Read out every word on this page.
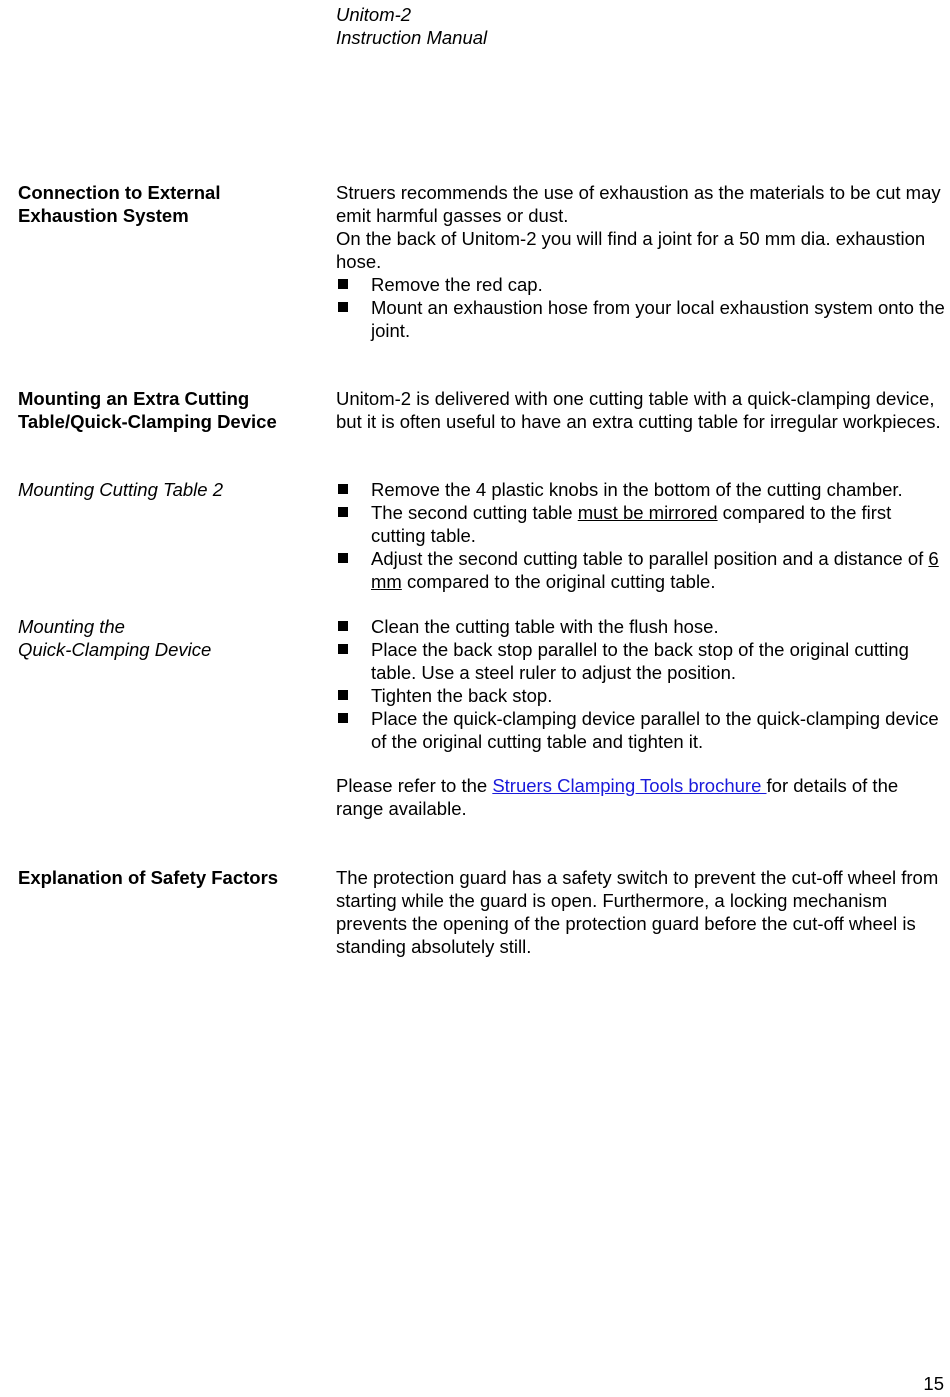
Unitom-2
Instruction Manual
Connection to External
Exhaustion System

Struers recommends the use of exhaustion as the materials to be cut may emit harmful gasses or dust.

On the back of Unitom-2 you will find a joint for a 50 mm dia. exhaustion hose.

Remove the red cap.
Mount an exhaustion hose from your local exhaustion system onto the joint.
Mounting an Extra Cutting
Table/Quick-Clamping Device

Unitom-2 is delivered with one cutting table with a quick-clamping device, but it is often useful to have an extra cutting table for irregular workpieces.

Mounting Cutting Table 2	Remove the 4 plastic knobs in the bottom of the cutting chamber.
The second cutting table must be mirrored compared to the first cutting table.
Adjust the second cutting table to parallel position and a distance of 6 mm compared to the original cutting table.
Mounting the
Quick-Clamping Device
Clean the cutting table with the flush hose.
Place the back stop parallel to the back stop of the original cutting table. Use a steel ruler to adjust the position.
Tighten the back stop.
Place the quick-clamping device parallel to the quick-clamping device of the original cutting table and tighten it.

Please refer to the Struers Clamping Tools brochure for details of the range available.

Explanation of Safety Factors	The protection guard has a safety switch to prevent the cut-off wheel from starting while the guard is open. Furthermore, a locking mechanism prevents the opening of the protection guard before the cut-off wheel is standing absolutely still.

15
